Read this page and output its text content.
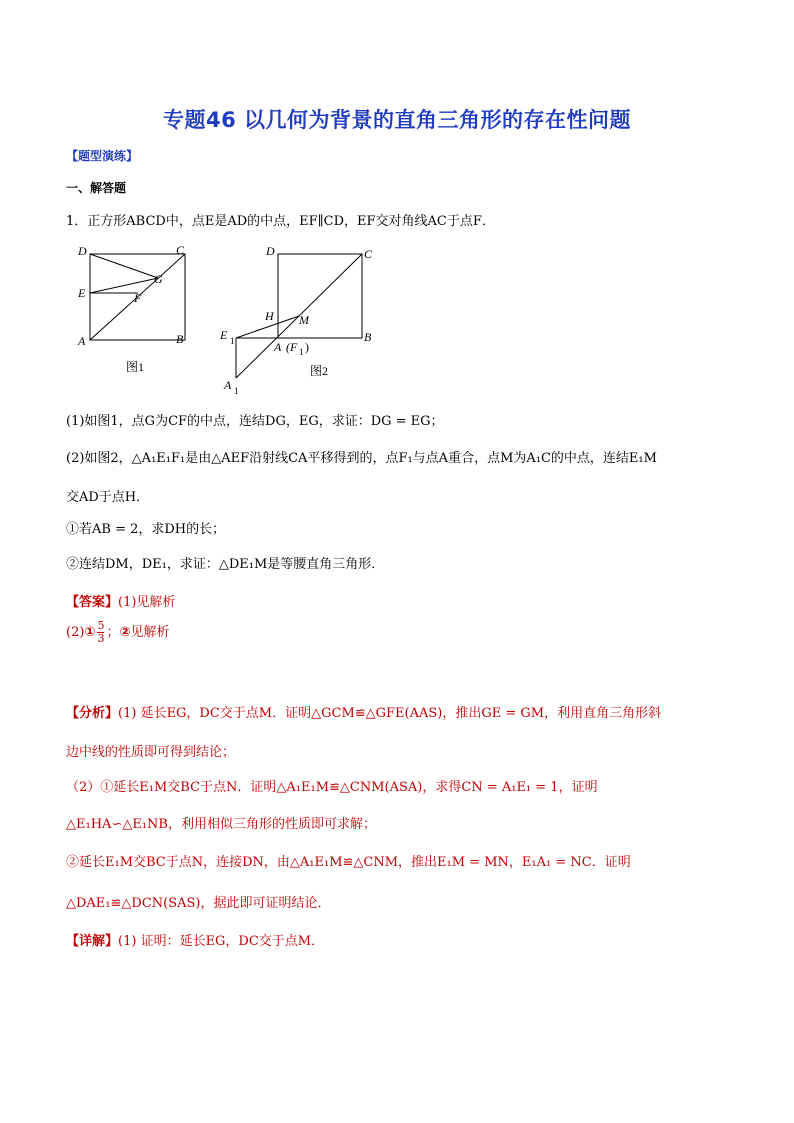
专题46 以几何为背景的直角三角形的存在性问题
【题型演练】
一、解答题
1．正方形ABCD中，点E是AD的中点，EF∥CD，EF交对角线AC于点F．
D	C
G
E	F
A	B
图1
D	C
H M
E 1	A (F 1 )
B
A 1
图2
(1)如图1，点G为CF的中点，连结DG，EG，求证：DG = EG；
(2)如图2，△A₁E₁F₁是由△AEF沿射线CA平移得到的，点F₁与点A重合，点M为A₁C的中点，连结E₁M
交AD于点H．
①若AB = 2，求DH的长；
②连结DM，DE₁，求证：△DE₁M是等腰直角三角形．
【答案】(1)见解析
(2)① $\frac{5}{3}$ ；②见解析
【分析】(1) 延长EG，DC交于点M．证明△GCM≌△GFE(AAS)，推出GE = GM，利用直角三角形斜
边中线的性质即可得到结论；
（2）①延长E₁M交BC于点N．证明△A₁E₁M≌△CNM(ASA)，求得CN = A₁E₁ = 1，证明
△E₁HA∽△E₁NB，利用相似三角形的性质即可求解；
②延长E₁M交BC于点N，连接DN，由△A₁E₁M≌△CNM，推出E₁M = MN，E₁A₁ = NC．证明
△DAE₁≌△DCN(SAS)，据此即可证明结论．
【详解】(1) 证明：延长EG，DC交于点M．
